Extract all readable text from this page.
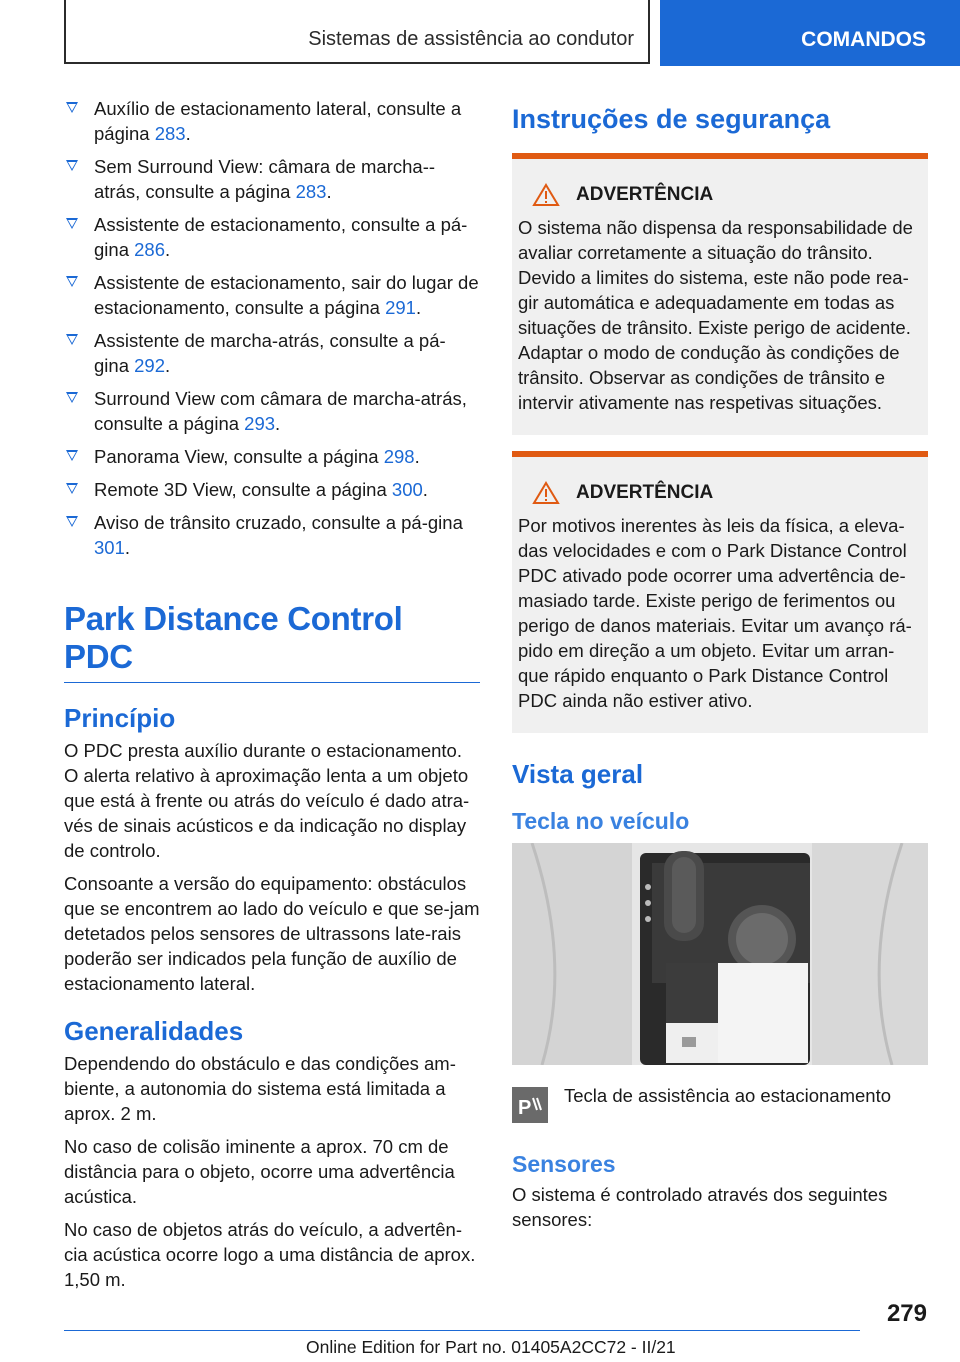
Sistemas de assistência ao condutor	COMANDOS
Auxílio de estacionamento lateral, consulte a página 283.
Sem Surround View: câmara de marcha--atrás, consulte a página 283.
Assistente de estacionamento, consulte a pá-gina 286.
Assistente de estacionamento, sair do lugar de estacionamento, consulte a página 291.
Assistente de marcha-atrás, consulte a pá-gina 292.
Surround View com câmara de marcha-atrás, consulte a página 293.
Panorama View, consulte a página 298.
Remote 3D View, consulte a página 300.
Aviso de trânsito cruzado, consulte a pá-gina 301.
Park Distance Control PDC
Princípio

O PDC presta auxílio durante o estacionamento. O alerta relativo à aproximação lenta a um objeto que está à frente ou atrás do veículo é dado atra-vés de sinais acústicos e da indicação no display de controlo.

Consoante a versão do equipamento: obstáculos que se encontrem ao lado do veículo e que se-jam detetados pelos sensores de ultrassons late-rais poderão ser indicados pela função de auxílio de estacionamento lateral.

Generalidades

Dependendo do obstáculo e das condições am-biente, a autonomia do sistema está limitada a aprox. 2 m.

No caso de colisão iminente a aprox. 70 cm de distância para o objeto, ocorre uma advertência acústica.

No caso de objetos atrás do veículo, a advertên-cia acústica ocorre logo a uma distância de aprox. 1,50 m.

Instruções de segurança
ADVERTÊNCIA

O sistema não dispensa da responsabilidade de avaliar corretamente a situação do trânsito. Devido a limites do sistema, este não pode rea-gir automática e adequadamente em todas as situações de trânsito. Existe perigo de acidente. Adaptar o modo de condução às condições de trânsito. Observar as condições de trânsito e intervir ativamente nas respetivas situações.

ADVERTÊNCIA

Por motivos inerentes às leis da física, a eleva-das velocidades e com o Park Distance Control PDC ativado pode ocorrer uma advertência de-masiado tarde. Existe perigo de ferimentos ou perigo de danos materiais. Evitar um avanço rá-pido em direção a um objeto. Evitar um arran-que rápido enquanto o Park Distance Control PDC ainda não estiver ativo.

Vista geral
Tecla no veículo
P
Tecla de assistência ao estacionamento
Sensores

O sistema é controlado através dos seguintes sensores:

279
Online Edition for Part no. 01405A2CC72 - II/21
